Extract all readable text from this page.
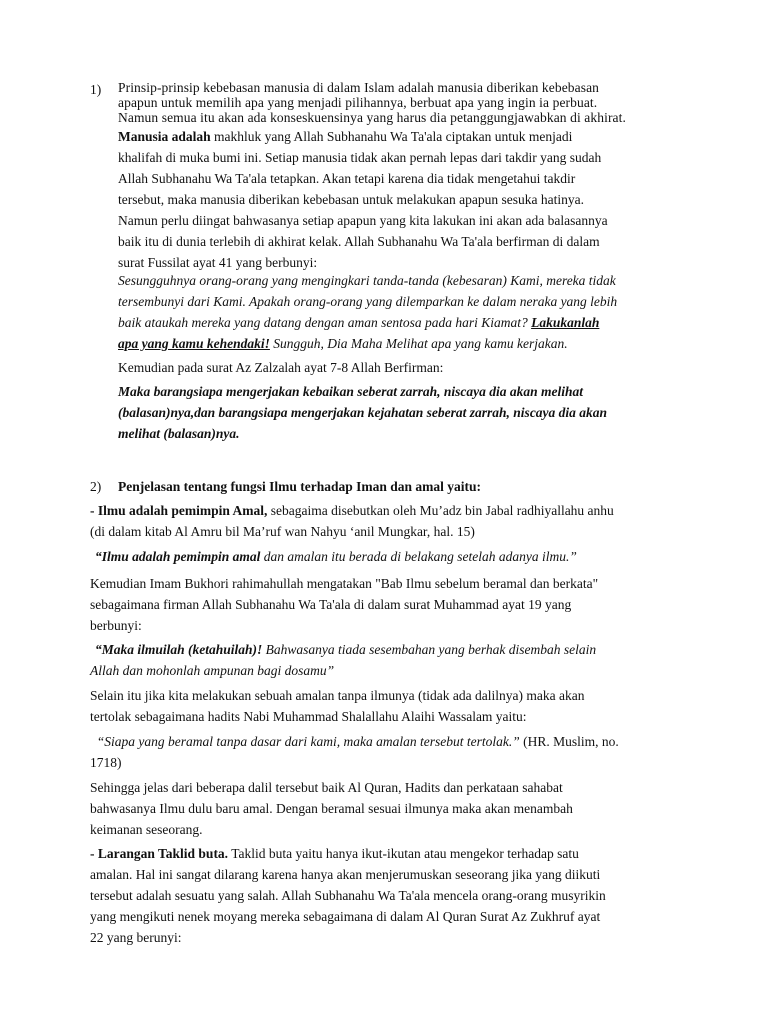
1) Prinsip-prinsip kebebasan manusia di dalam Islam adalah manusia diberikan kebebasan
apapun untuk memilih apa yang menjadi pilihannya, berbuat apa yang ingin ia perbuat.
Namun semua itu akan ada konseskuensinya yang harus dia petanggungjawabkan di akhirat.
Manusia adalah makhluk yang Allah Subhanahu Wa Ta'ala ciptakan untuk menjadi
khalifah di muka bumi ini. Setiap manusia tidak akan pernah lepas dari takdir yang sudah
Allah Subhanahu Wa Ta'ala tetapkan. Akan tetapi karena dia tidak mengetahui takdir
tersebut, maka manusia diberikan kebebasan untuk melakukan apapun sesuka hatinya.
Namun perlu diingat bahwasanya setiap apapun yang kita lakukan ini akan ada balasannya
baik itu di dunia terlebih di akhirat kelak. Allah Subhanahu Wa Ta'ala berfirman di dalam
surat Fussilat ayat 41 yang berbunyi:
Sesungguhnya orang-orang yang mengingkari tanda-tanda (kebesaran) Kami, mereka tidak
tersembunyi dari Kami. Apakah orang-orang yang dilemparkan ke dalam neraka yang lebih
baik ataukah mereka yang datang dengan aman sentosa pada hari Kiamat? Lakukanlah
apa yang kamu kehendaki! Sungguh, Dia Maha Melihat apa yang kamu kerjakan.
Kemudian pada surat Az Zalzalah ayat 7-8 Allah Berfirman:
Maka barangsiapa mengerjakan kebaikan seberat zarrah, niscaya dia akan melihat
(balasan)nya,dan barangsiapa mengerjakan kejahatan seberat zarrah, niscaya dia akan
melihat (balasan)nya.
2) Penjelasan tentang fungsi Ilmu terhadap Iman dan amal yaitu:
- Ilmu adalah pemimpin Amal, sebagaima disebutkan oleh Mu’adz bin Jabal radhiyallahu anhu
(di dalam kitab Al Amru bil Ma’ruf wan Nahyu ‘anil Mungkar, hal. 15)
“Ilmu adalah pemimpin amal dan amalan itu berada di belakang setelah adanya ilmu.”
Kemudian Imam Bukhori rahimahullah mengatakan "Bab Ilmu sebelum beramal dan berkata"
sebagaimana firman Allah Subhanahu Wa Ta'ala di dalam surat Muhammad ayat 19 yang
berbunyi:
“Maka ilmuilah (ketahuilah)! Bahwasanya tiada sesembahan yang berhak disembah selain
Allah dan mohonlah ampunan bagi dosamu”
Selain itu jika kita melakukan sebuah amalan tanpa ilmunya (tidak ada dalilnya) maka akan
tertolak sebagaimana hadits Nabi Muhammad Shalallahu Alaihi Wassalam yaitu:
“Siapa yang beramal tanpa dasar dari kami, maka amalan tersebut tertolak.” (HR. Muslim, no.
1718)
Sehingga jelas dari beberapa dalil tersebut baik Al Quran, Hadits dan perkataan sahabat
bahwasanya Ilmu dulu baru amal. Dengan beramal sesuai ilmunya maka akan menambah
keimanan seseorang.
- Larangan Taklid buta. Taklid buta yaitu hanya ikut-ikutan atau mengekor terhadap satu
amalan. Hal ini sangat dilarang karena hanya akan menjerumuskan seseorang jika yang diikuti
tersebut adalah sesuatu yang salah. Allah Subhanahu Wa Ta'ala mencela orang-orang musyrikin
yang mengikuti nenek moyang mereka sebagaimana di dalam Al Quran Surat Az Zukhruf ayat
22 yang berunyi:
